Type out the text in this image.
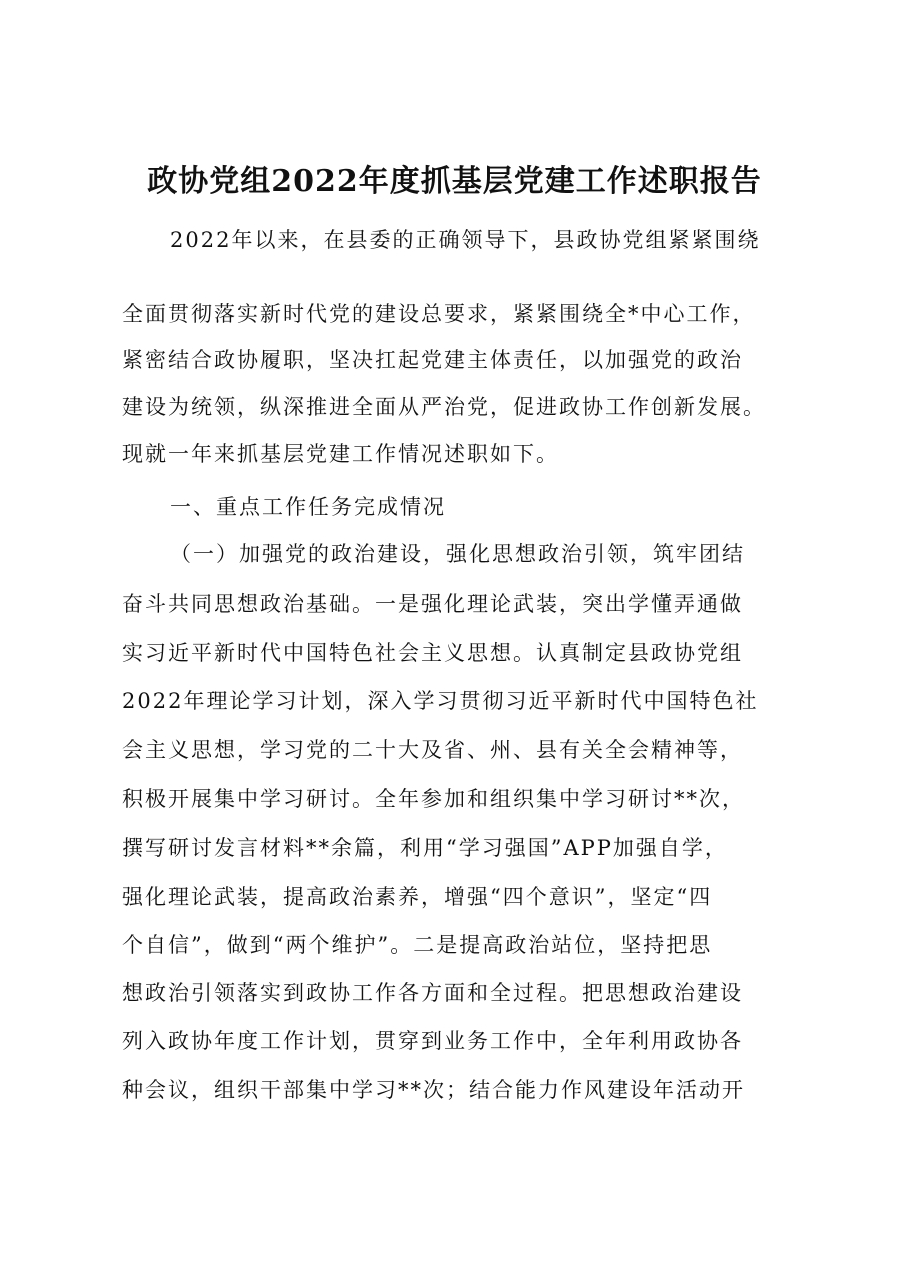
政协党组2022年度抓基层党建工作述职报告
2022年以来，在县委的正确领导下，县政协党组紧紧围绕
全面贯彻落实新时代党的建设总要求，紧紧围绕全*中心工作，
紧密结合政协履职，坚决扛起党建主体责任，以加强党的政治
建设为统领，纵深推进全面从严治党，促进政协工作创新发展。
现就一年来抓基层党建工作情况述职如下。
一、重点工作任务完成情况
（一）加强党的政治建设，强化思想政治引领，筑牢团结
奋斗共同思想政治基础。一是强化理论武装，突出学懂弄通做
实习近平新时代中国特色社会主义思想。认真制定县政协党组
2022年理论学习计划，深入学习贯彻习近平新时代中国特色社
会主义思想，学习党的二十大及省、州、县有关全会精神等，
积极开展集中学习研讨。全年参加和组织集中学习研讨**次，
撰写研讨发言材料**余篇，利用“学习强国”APP加强自学，
强化理论武装，提高政治素养，增强“四个意识”，坚定“四
个自信”，做到“两个维护”。二是提高政治站位，坚持把思
想政治引领落实到政协工作各方面和全过程。把思想政治建设
列入政协年度工作计划，贯穿到业务工作中，全年利用政协各
种会议，组织干部集中学习**次；结合能力作风建设年活动开
